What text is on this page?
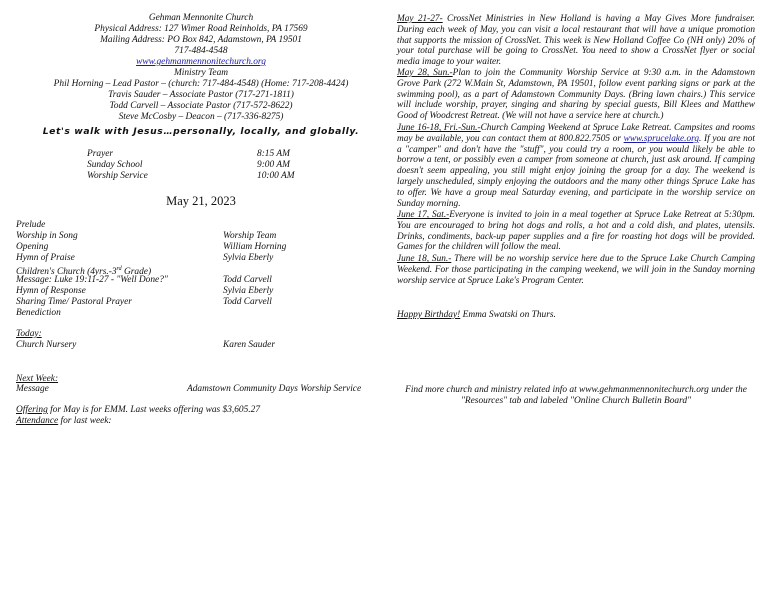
Gehman Mennonite Church
Physical Address: 127 Wimer Road Reinholds, PA 17569
Mailing Address: PO Box 842, Adamstown, PA 19501
717-484-4548
www.gehmanmennonitechurch.org
Ministry Team
Phil Horning – Lead Pastor – (church: 717-484-4548) (Home: 717-208-4424)
Travis Sauder – Associate Pastor (717-271-1811)
Todd Carvell – Associate Pastor (717-572-8622)
Steve McCosby – Deacon – (717-336-8275)
Let's walk with Jesus…personally, locally, and globally.
Prayer	8:15 AM
Sunday School	9:00 AM
Worship Service	10:00 AM
May 21, 2023
Prelude
Worship in Song	Worship Team
Opening	William Horning
Hymn of Praise	Sylvia Eberly
Children's Church (4yrs.-3rd Grade)
Message: Luke 19:11-27 - "Well Done?"	Todd Carvell
Hymn of Response	Sylvia Eberly
Sharing Time/ Pastoral Prayer	Todd Carvell
Benediction
Today:
Church Nursery	Karen Sauder
Next Week:
Message	Adamstown Community Days Worship Service
Offering for May is for EMM. Last weeks offering was $3,605.27
Attendance for last week:
May 21-27- CrossNet Ministries in New Holland is having a May Gives More fundraiser. During each week of May, you can visit a local restaurant that will have a unique promotion that supports the mission of CrossNet. This week is New Holland Coffee Co (NH only) 20% of your total purchase will be going to CrossNet. You need to show a CrossNet flyer or social media image to your waiter.
May 28, Sun.-Plan to join the Community Worship Service at 9:30 a.m. in the Adamstown Grove Park (272 W.Main St, Adamstown, PA 19501, follow event parking signs or park at the swimming pool), as a part of Adamstown Community Days. (Bring lawn chairs.) This service will include worship, prayer, singing and sharing by special guests, Bill Klees and Matthew Good of Woodcrest Retreat. (We will not have a service here at church.)
June 16-18, Fri.-Sun.-Church Camping Weekend at Spruce Lake Retreat. Campsites and rooms may be available, you can contact them at 800.822.7505 or www.sprucelake.org. If you are not a "camper" and don't have the "stuff", you could try a room, or you would likely be able to borrow a tent, or possibly even a camper from someone at church, just ask around. If camping doesn't seem appealing, you still might enjoy joining the group for a day. The weekend is largely unscheduled, simply enjoying the outdoors and the many other things Spruce Lake has to offer. We have a group meal Saturday evening, and participate in the worship service on Sunday morning.
June 17, Sat.-Everyone is invited to join in a meal together at Spruce Lake Retreat at 5:30pm. You are encouraged to bring hot dogs and rolls, a hot and a cold dish, and plates, utensils. Drinks, condiments, back-up paper supplies and a fire for roasting hot dogs will be provided. Games for the children will follow the meal.
June 18, Sun.- There will be no worship service here due to the Spruce Lake Church Camping Weekend. For those participating in the camping weekend, we will join in the Sunday morning worship service at Spruce Lake's Program Center.
Happy Birthday! Emma Swatski on Thurs.
Find more church and ministry related info at www.gehmanmennonitechurch.org under the
"Resources" tab and labeled "Online Church Bulletin Board"
